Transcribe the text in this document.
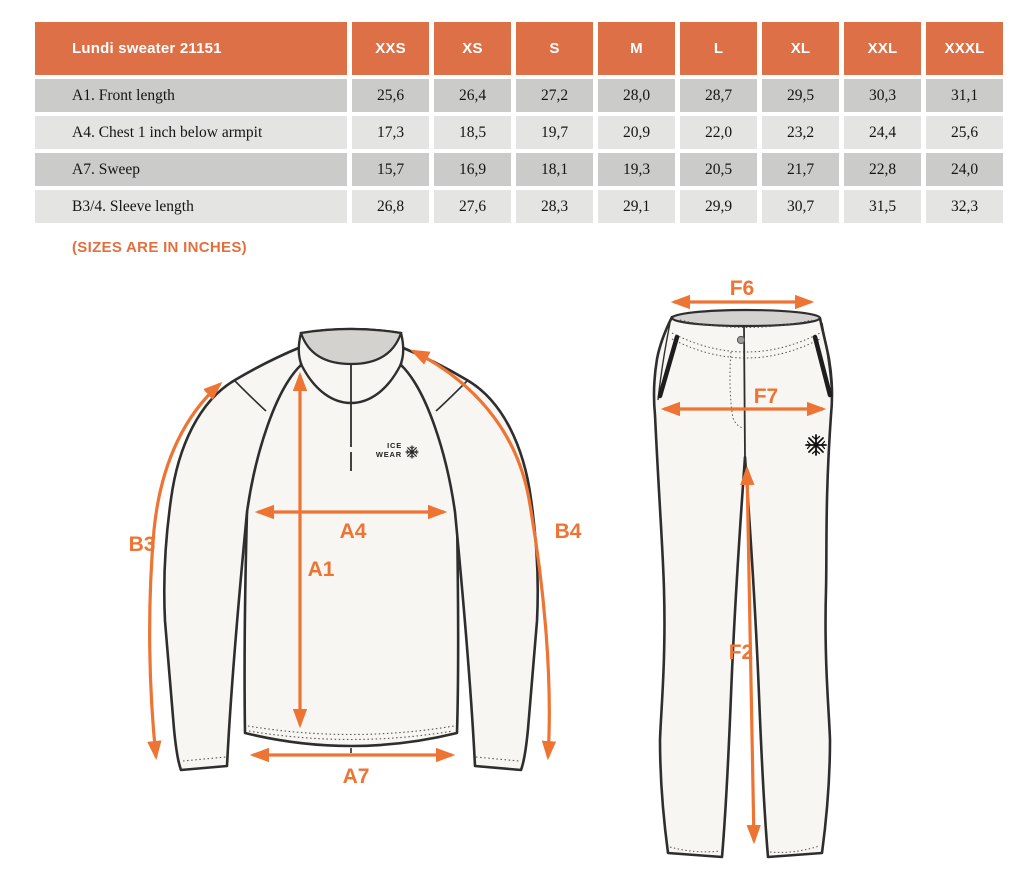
Lundi sweater 21151	XXS	XS	S	M	L	XL	XXL	XXXL
A1. Front length	25,6	26,4	27,2	28,0	28,7	29,5	30,3	31,1
A4. Chest 1 inch below armpit	17,3	18,5	19,7	20,9	22,0	23,2	24,4	25,6
A7. Sweep	15,7	16,9	18,1	19,3	20,5	21,7	22,8	24,0
B3/4. Sleeve length	26,8	27,6	28,3	29,1	29,9	30,7	31,5	32,3
(SIZES ARE IN INCHES)
ICE
WEAR
B3
A4
A1
B4
A7
F6
F7
F2
